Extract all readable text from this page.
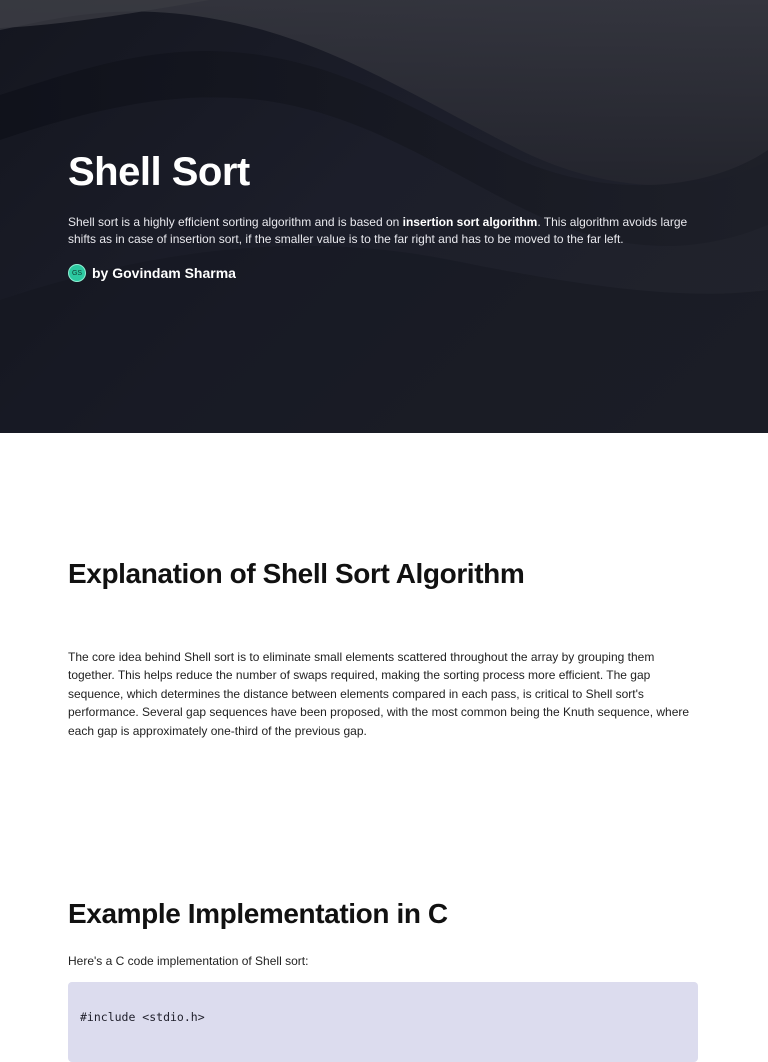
Shell Sort

Shell sort is a highly efficient sorting algorithm and is based on insertion sort algorithm. This algorithm avoids large shifts as in case of insertion sort, if the smaller value is to the far right and has to be moved to the far left.

GS by Govindam Sharma
Explanation of Shell Sort Algorithm

The core idea behind Shell sort is to eliminate small elements scattered throughout the array by grouping them together. This helps reduce the number of swaps required, making the sorting process more efficient. The gap sequence, which determines the distance between elements compared in each pass, is critical to Shell sort's performance. Several gap sequences have been proposed, with the most common being the Knuth sequence, where each gap is approximately one-third of the previous gap.

Example Implementation in C

Here's a C code implementation of Shell sort:

#include <stdio.h>
